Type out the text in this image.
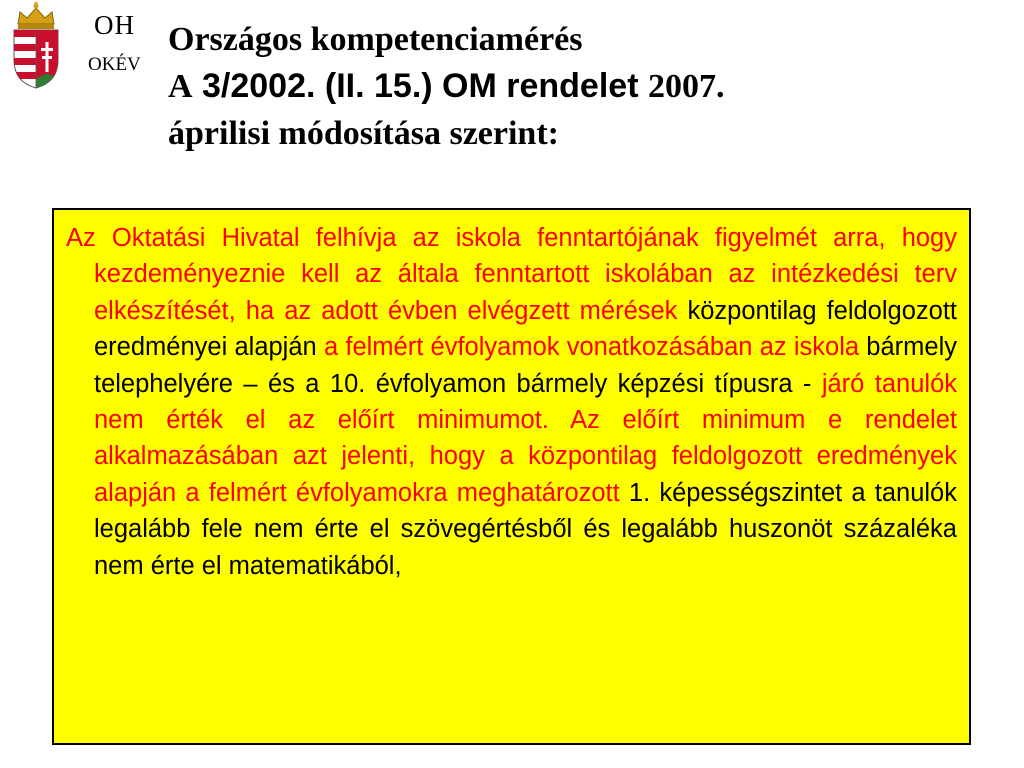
OH
OKÉV
Országos kompetenciamérés
A 3/2002. (II. 15.) OM rendelet 2007.
áprilisi módosítása szerint:

Az Oktatási Hivatal felhívja az iskola fenntartójának figyelmét arra, hogy kezdeményeznie kell az általa fenntartott iskolában az intézkedési terv elkészítését, ha az adott évben elvégzett mérések központilag feldolgozott eredményei alapján a felmért évfolyamok vonatkozásában az iskola bármely telephelyére – és a 10. évfolyamon bármely képzési típusra - járó tanulók nem érték el az előírt minimumot. Az előírt minimum e rendelet alkalmazásában azt jelenti, hogy a központilag feldolgozott eredmények alapján a felmért évfolyamokra meghatározott 1. képességszintet a tanulók legalább fele nem érte el szövegértésből és legalább huszonöt százaléka nem érte el matematikából,
